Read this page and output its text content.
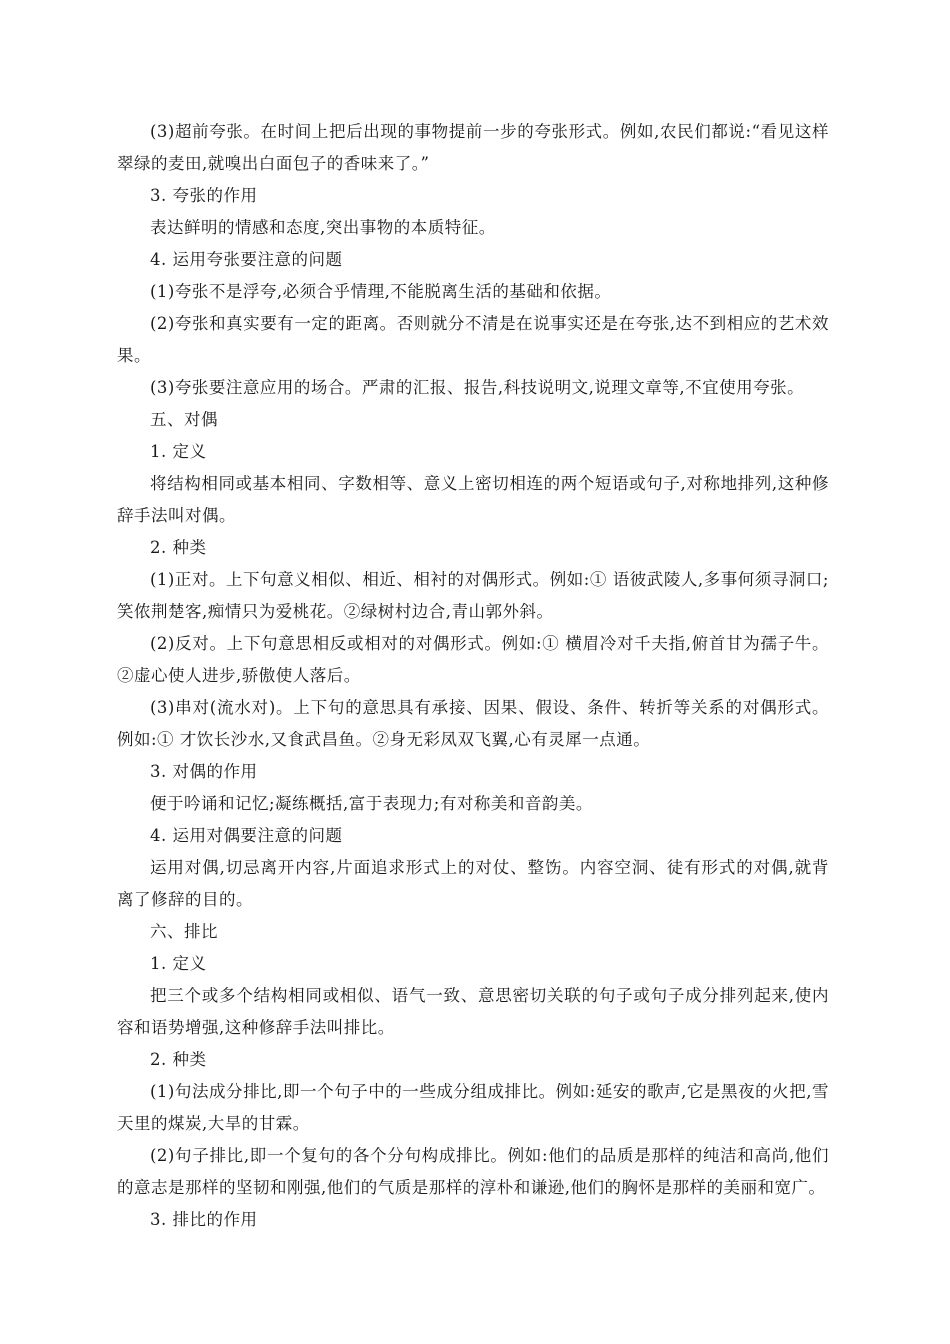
(3)超前夸张。在时间上把后出现的事物提前一步的夸张形式。例如,农民们都说:“看见这样翠绿的麦田,就嗅出白面包子的香味来了。”

3. 夸张的作用

表达鲜明的情感和态度,突出事物的本质特征。

4. 运用夸张要注意的问题

(1)夸张不是浮夸,必须合乎情理,不能脱离生活的基础和依据。

(2)夸张和真实要有一定的距离。否则就分不清是在说事实还是在夸张,达不到相应的艺术效果。

(3)夸张要注意应用的场合。严肃的汇报、报告,科技说明文,说理文章等,不宜使用夸张。

五、对偶

1. 定义

将结构相同或基本相同、字数相等、意义上密切相连的两个短语或句子,对称地排列,这种修辞手法叫对偶。

2. 种类

(1)正对。上下句意义相似、相近、相衬的对偶形式。例如:① 语彼武陵人,多事何须寻洞口;笑侬荆楚客,痴情只为爱桃花。②绿树村边合,青山郭外斜。

(2)反对。上下句意思相反或相对的对偶形式。例如:① 横眉冷对千夫指,俯首甘为孺子牛。②虚心使人进步,骄傲使人落后。

(3)串对(流水对)。上下句的意思具有承接、因果、假设、条件、转折等关系的对偶形式。例如:① 才饮长沙水,又食武昌鱼。②身无彩凤双飞翼,心有灵犀一点通。

3. 对偶的作用

便于吟诵和记忆;凝练概括,富于表现力;有对称美和音韵美。

4. 运用对偶要注意的问题

运用对偶,切忌离开内容,片面追求形式上的对仗、整饬。内容空洞、徒有形式的对偶,就背离了修辞的目的。

六、排比

1. 定义

把三个或多个结构相同或相似、语气一致、意思密切关联的句子或句子成分排列起来,使内容和语势增强,这种修辞手法叫排比。

2. 种类

(1)句法成分排比,即一个句子中的一些成分组成排比。例如:延安的歌声,它是黑夜的火把,雪天里的煤炭,大旱的甘霖。

(2)句子排比,即一个复句的各个分句构成排比。例如:他们的品质是那样的纯洁和高尚,他们的意志是那样的坚韧和刚强,他们的气质是那样的淳朴和谦逊,他们的胸怀是那样的美丽和宽广。

3. 排比的作用
